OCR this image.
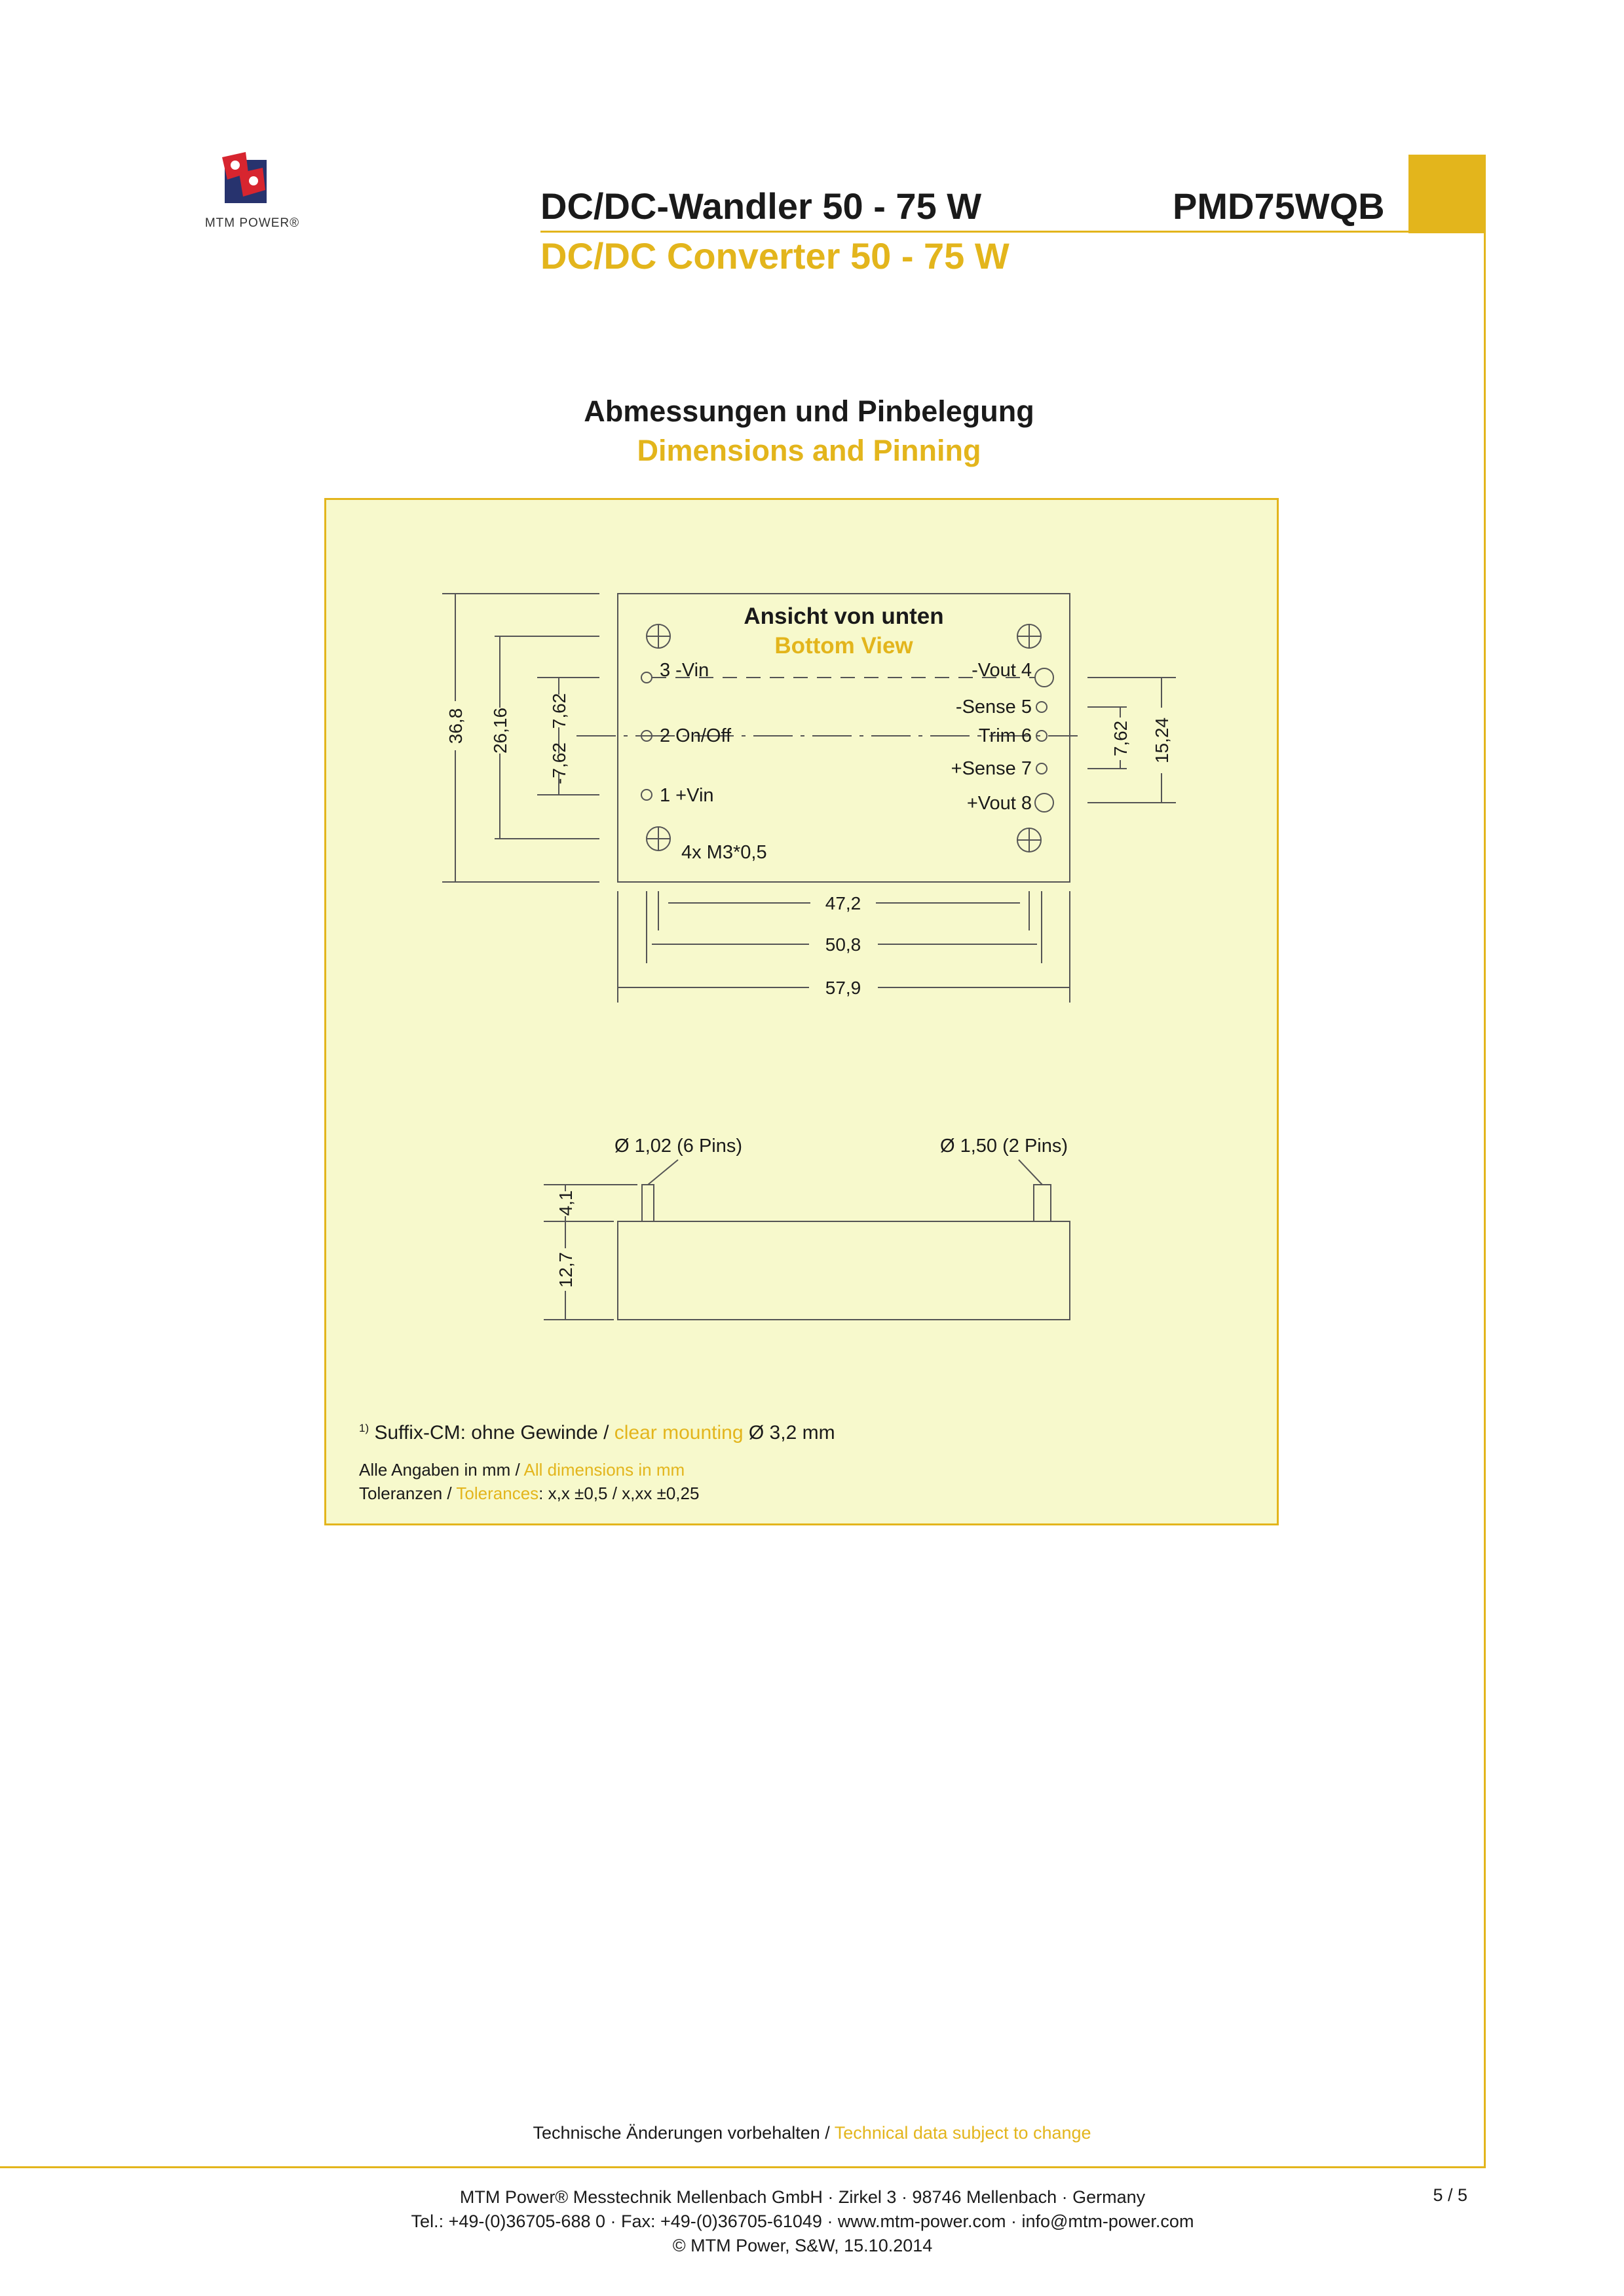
MTM POWER®	DC/DC-Wandler 50 - 75 W	PMD75WQB
DC/DC Converter 50 - 75 W
Abmessungen und Pinbelegung
Dimensions and Pinning
Ansicht von unten
Bottom View
3 -Vin
2 On/Off
1 +Vin
-Vout 4
-Sense 5
Trim 6
+Sense 7
+Vout 8
4x M3*0,5
36,8 26,16 7,62
-7,62
7,62 15,24
47,2
50,8
57,9
Ø 1,02 (6 Pins)	Ø 1,50 (2 Pins)
4,1
12,7
$^{1)}$ Suffix-CM: ohne Gewinde / clear mounting Ø 3,2 mm
Alle Angaben in mm / All dimensions in mm
Toleranzen / Tolerances: x,x ±0,5 / x,xx ±0,25
Technische Änderungen vorbehalten / Technical data subject to change
MTM Power® Messtechnik Mellenbach GmbH · Zirkel 3 · 98746 Mellenbach · Germany
Tel.: +49-(0)36705-688 0 · Fax: +49-(0)36705-61049 · www.mtm-power.com · info@mtm-power.com
© MTM Power, S&W, 15.10.2014
5 / 5
